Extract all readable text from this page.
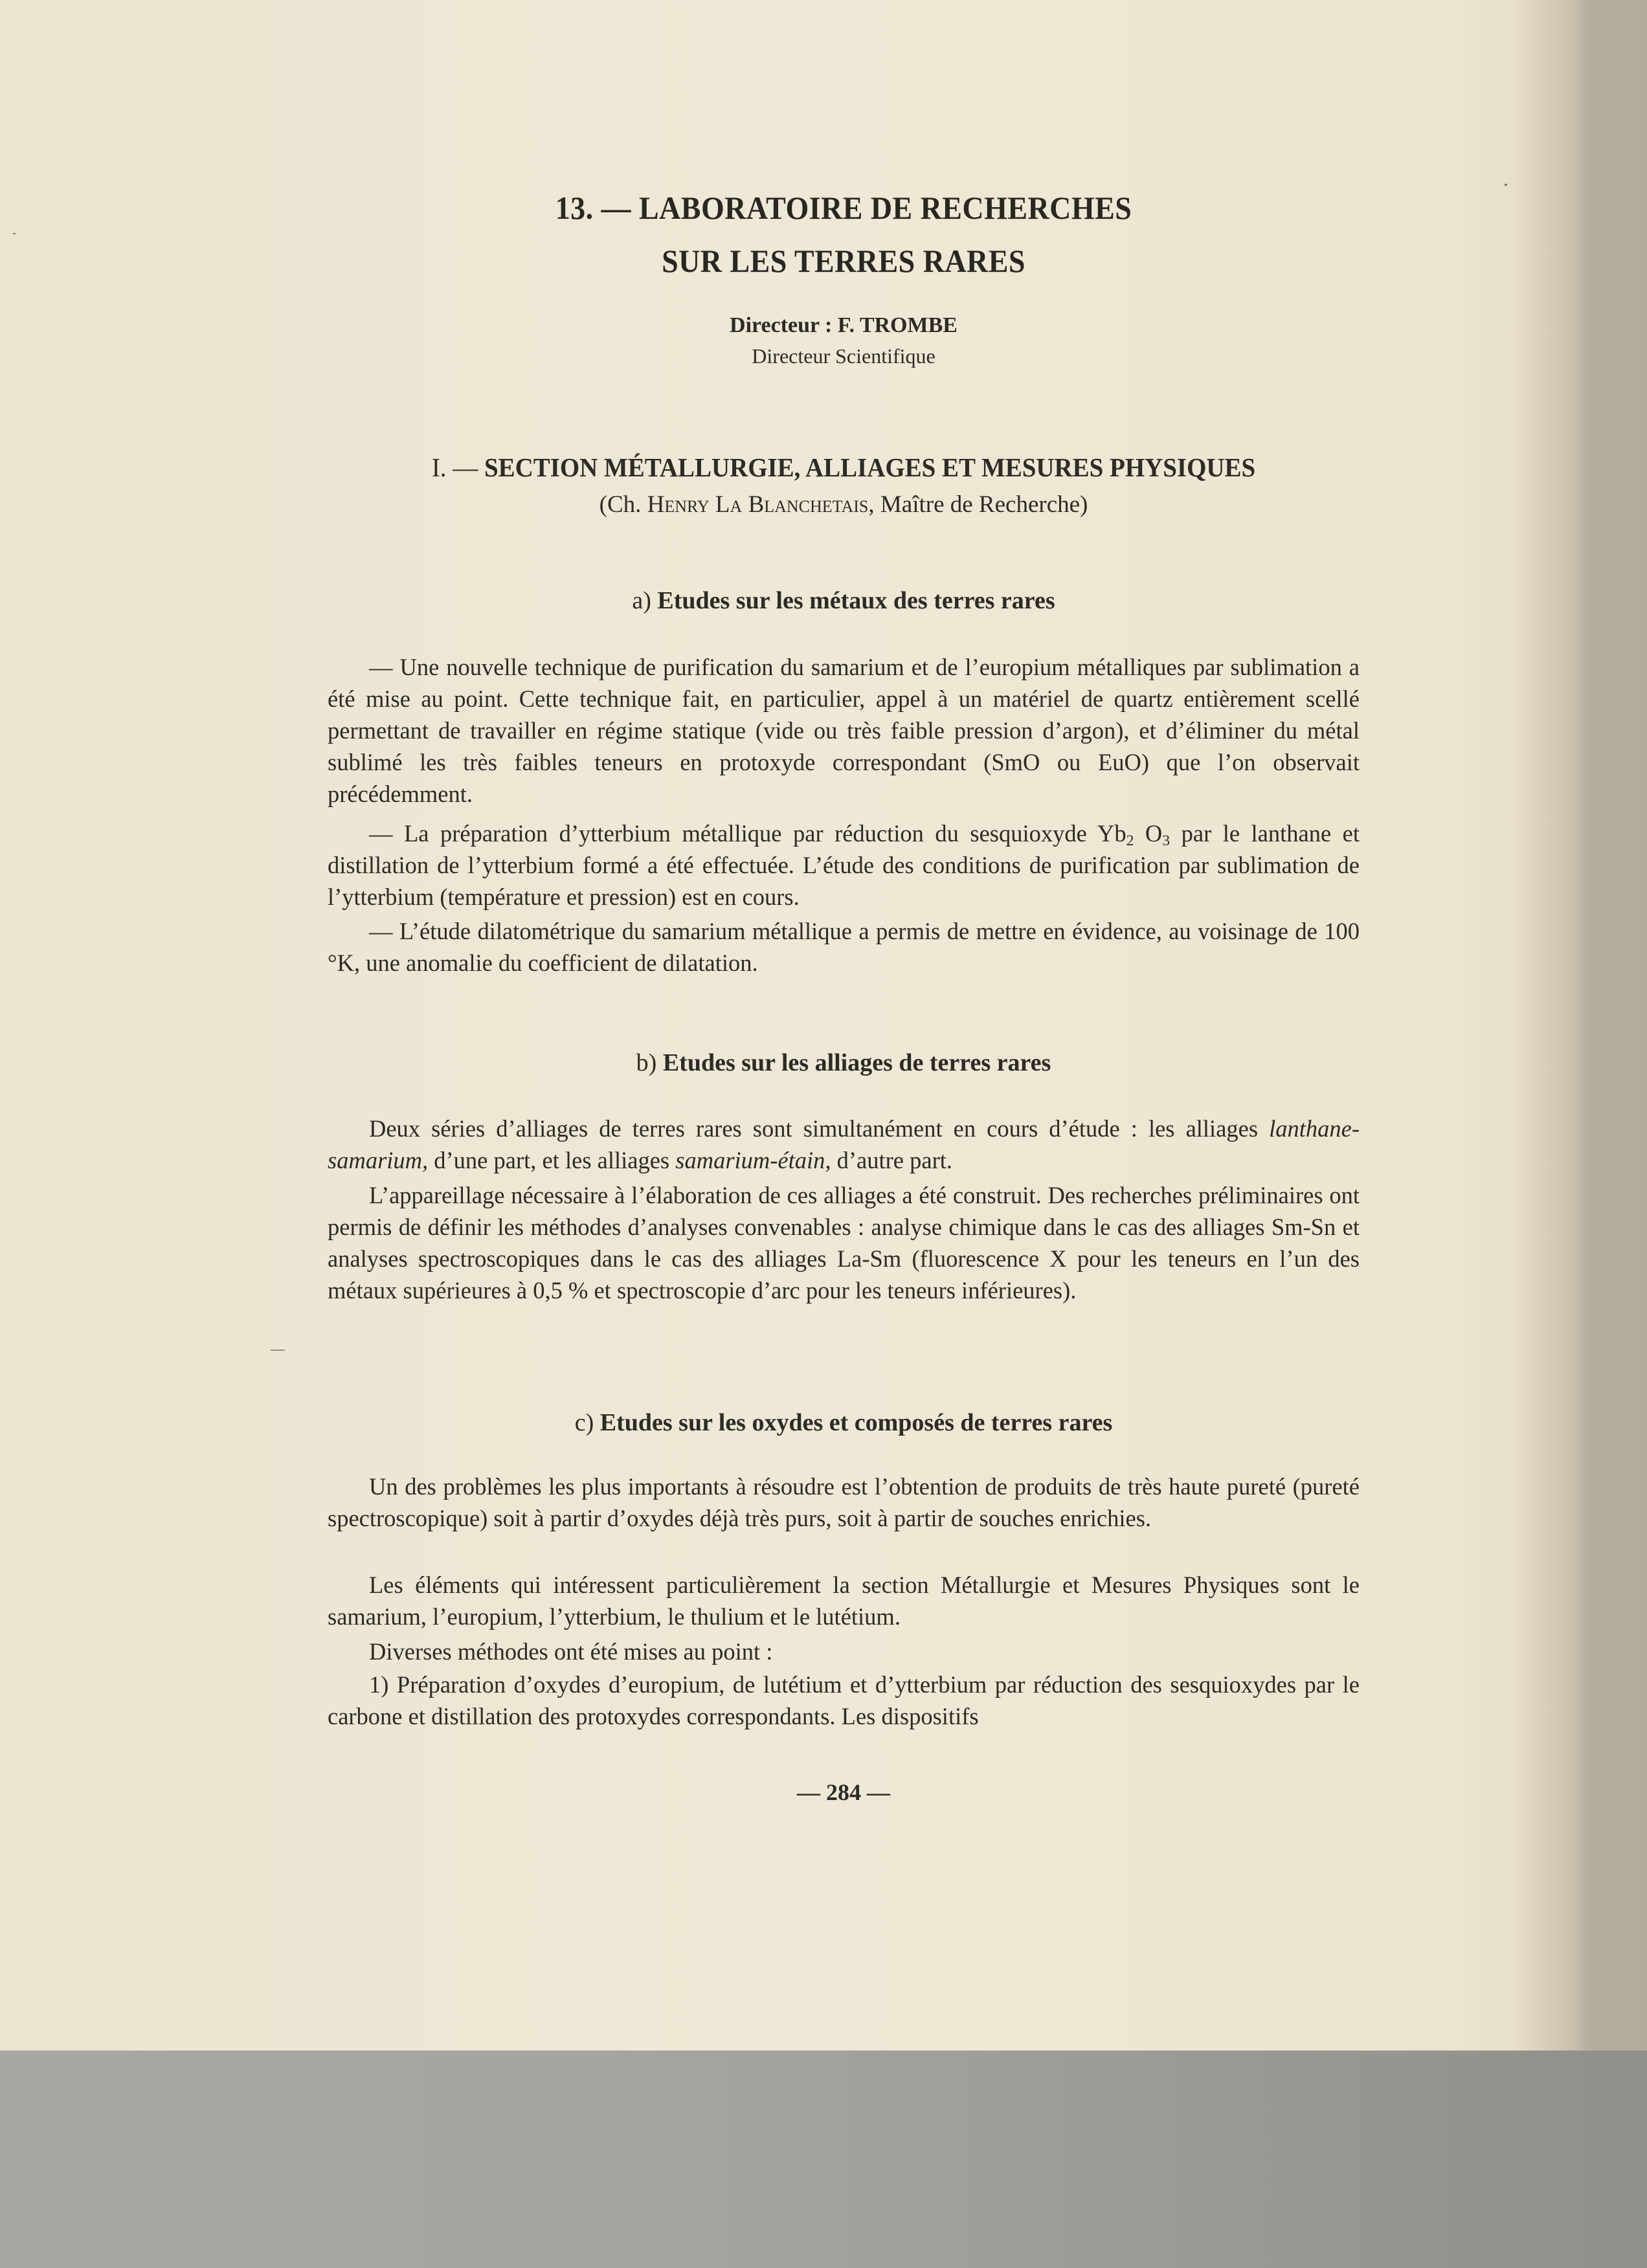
13. — LABORATOIRE DE RECHERCHES
SUR LES TERRES RARES
Directeur : F. TROMBE
Directeur Scientifique
I. — SECTION MÉTALLURGIE, ALLIAGES ET MESURES PHYSIQUES
(Ch. Henry La Blanchetais, Maître de Recherche)
a) Etudes sur les métaux des terres rares

— Une nouvelle technique de purification du samarium et de l’europium métalliques par sublimation a été mise au point. Cette technique fait, en particulier, appel à un matériel de quartz entièrement scellé permettant de travailler en régime statique (vide ou très faible pression d’argon), et d’éliminer du métal sublimé les très faibles teneurs en protoxyde correspondant (SmO ou EuO) que l’on observait précédemment.

— La préparation d’ytterbium métallique par réduction du sesquioxyde $Yb_2$ $O_3$ par le lanthane et distillation de l’ytterbium formé a été effectuée. L’étude des conditions de purification par sublimation de l’ytterbium (température et pression) est en cours.

— L’étude dilatométrique du samarium métallique a permis de mettre en évidence, au voisinage de 100 °K, une anomalie du coefficient de dilatation.

b) Etudes sur les alliages de terres rares

Deux séries d’alliages de terres rares sont simultanément en cours d’étude : les alliages lanthane-samarium, d’une part, et les alliages samarium-étain, d’autre part.

L’appareillage nécessaire à l’élaboration de ces alliages a été construit. Des recherches préliminaires ont permis de définir les méthodes d’analyses convenables : analyse chimique dans le cas des alliages Sm-Sn et analyses spectroscopiques dans le cas des alliages La-Sm (fluorescence X pour les teneurs en l’un des métaux supérieures à 0,5 % et spectroscopie d’arc pour les teneurs inférieures).

c) Etudes sur les oxydes et composés de terres rares

Un des problèmes les plus importants à résoudre est l’obtention de produits de très haute pureté (pureté spectroscopique) soit à partir d’oxydes déjà très purs, soit à partir de souches enrichies.

Les éléments qui intéressent particulièrement la section Métallurgie et Mesures Physiques sont le samarium, l’europium, l’ytterbium, le thulium et le lutétium.

Diverses méthodes ont été mises au point :

1) Préparation d’oxydes d’europium, de lutétium et d’ytterbium par réduction des sesquioxydes par le carbone et distillation des protoxydes correspondants. Les dispositifs

— 284 —
